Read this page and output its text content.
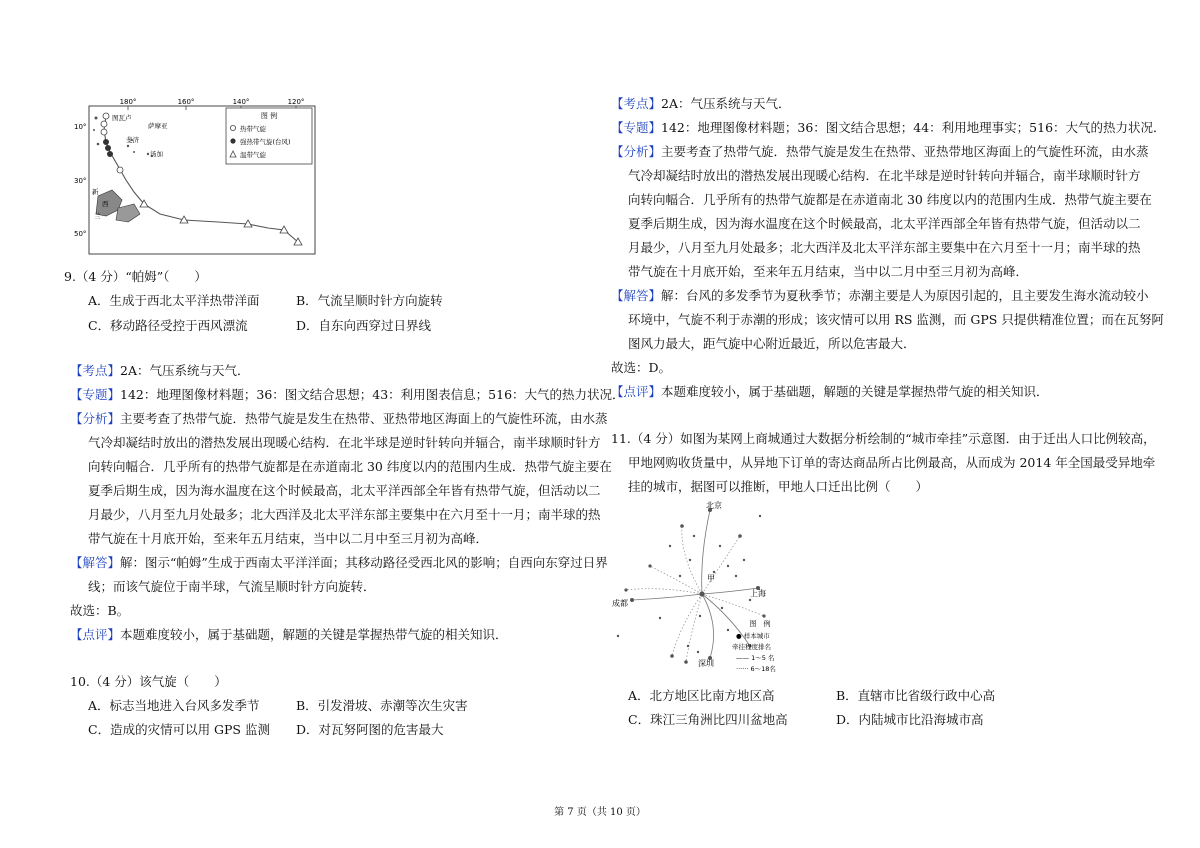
180°	160°	140°	120°
10°
30°
50°
图瓦卢
萨摩亚
斐济
汤加
新
西
兰
图 例
热带气旋
强热带气旋(台风)
温带气旋
9.（4 分）“帕姆”（　　）
A．生成于西北太平洋热带洋面	B．气流呈顺时针方向旋转
C．移动路径受控于西风漂流	D．自东向西穿过日界线
【考点】2A：气压系统与天气．
【专题】142：地理图像材料题；36：图文结合思想；43：利用图表信息；516：大气的热力状况．
【分析】主要考查了热带气旋．热带气旋是发生在热带、亚热带地区海面上的气旋性环流，由水蒸
气冷却凝结时放出的潜热发展出现暖心结构．在北半球是逆时针转向并辐合，南半球顺时针方
向转向幅合．几乎所有的热带气旋都是在赤道南北 30 纬度以内的范围内生成．热带气旋主要在
夏季后期生成，因为海水温度在这个时候最高，北太平洋西部全年皆有热带气旋，但活动以二
月最少，八月至九月处最多；北大西洋及北太平洋东部主要集中在六月至十一月；南半球的热
带气旋在十月底开始，至来年五月结束，当中以二月中至三月初为高峰．
【解答】解：图示“帕姆”生成于西南太平洋洋面；其移动路径受西北风的影响；自西向东穿过日界
线；而该气旋位于南半球，气流呈顺时针方向旋转．
故选：B。
【点评】本题难度较小，属于基础题，解题的关键是掌握热带气旋的相关知识．
10.（4 分）该气旋（　　）
A．标志当地进入台风多发季节	B．引发滑坡、赤潮等次生灾害
C．造成的灾情可以用 GPS 监测 D．对瓦努阿图的危害最大
【考点】2A：气压系统与天气．
【专题】142：地理图像材料题；36：图文结合思想；44：利用地理事实；516：大气的热力状况．
【分析】主要考查了热带气旋．热带气旋是发生在热带、亚热带地区海面上的气旋性环流，由水蒸
气冷却凝结时放出的潜热发展出现暖心结构．在北半球是逆时针转向并辐合，南半球顺时针方
向转向幅合．几乎所有的热带气旋都是在赤道南北 30 纬度以内的范围内生成．热带气旋主要在
夏季后期生成，因为海水温度在这个时候最高，北太平洋西部全年皆有热带气旋，但活动以二
月最少，八月至九月处最多；北大西洋及北太平洋东部主要集中在六月至十一月；南半球的热
带气旋在十月底开始，至来年五月结束，当中以二月中至三月初为高峰．
【解答】解：台风的多发季节为夏秋季节；赤潮主要是人为原因引起的，且主要发生海水流动较小
环境中，气旋不利于赤潮的形成；该灾情可以用 RS 监测，而 GPS 只提供精准位置；而在瓦努阿
图风力最大，距气旋中心附近最近，所以危害最大．
故选：D。
【点评】本题难度较小，属于基础题，解题的关键是掌握热带气旋的相关知识．
11.（4 分）如图为某网上商城通过大数据分析绘制的“城市牵挂”示意图．由于迁出人口比例较高，
甲地网购收货量中，从异地下订单的寄达商品所占比例最高，从而成为 2014 年全国最受异地牵
挂的城市，据图可以推断，甲地人口迁出比例（　　）
北京
甲
上海
成都
深圳
图　例
● 样本城市
牵挂程度排名
—— 1～5 名
······ 6～18名
A．北方地区比南方地区高	B．直辖市比省级行政中心高
C．珠江三角洲比四川盆地高	D．内陆城市比沿海城市高
第 7 页（共 10 页）
